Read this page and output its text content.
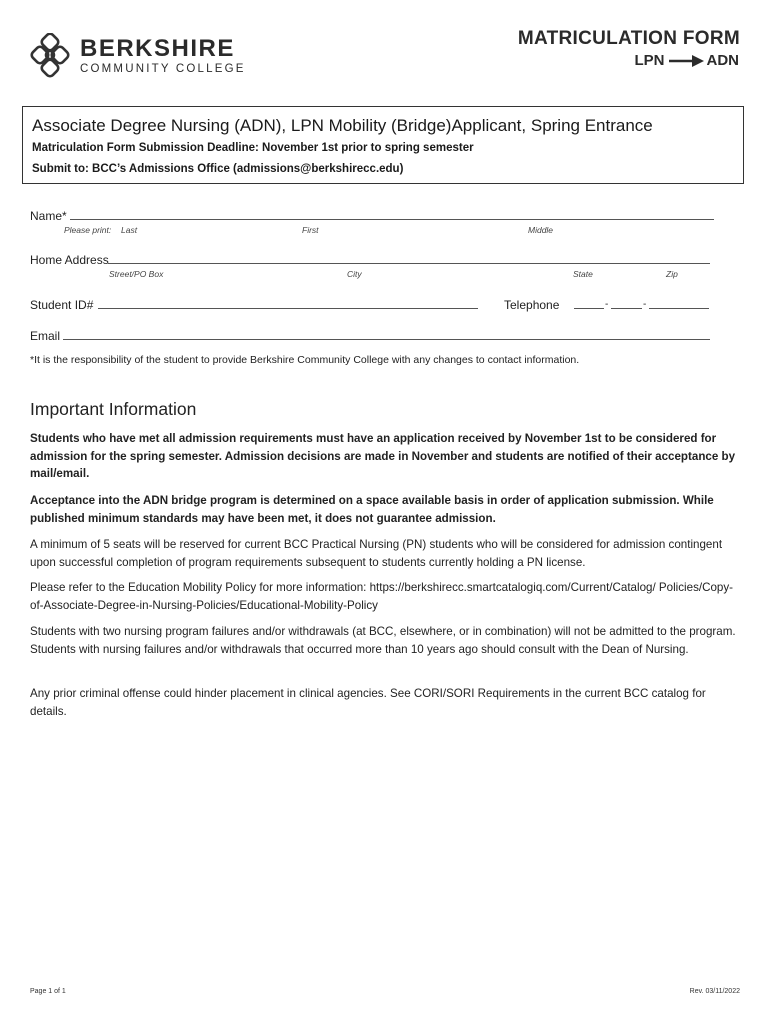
BERKSHIRE
COMMUNITY COLLEGE
MATRICULATION FORM
LPN	ADN
Associate Degree Nursing (ADN), LPN Mobility (Bridge)Applicant, Spring Entrance
Matriculation Form Submission Deadline: November 1st prior to spring semester
Submit to: BCC’s Admissions Office (admissions@berkshirecc.edu)
Name*
Please print: Last	First	Middle
Home Address
Street/PO Box	City	State	Zip
Student ID#	Telephone	-	-
Email
*It is the responsibility of the student to provide Berkshire Community College with any changes to contact information.
Important Information
Students who have met all admission requirements must have an application received by November 1st to be considered for admission for the spring semester. Admission decisions are made in November and students are notified of their acceptance by mail/email.
Acceptance into the ADN bridge program is determined on a space available basis in order of application submission. While published minimum standards may have been met, it does not guarantee admission.
A minimum of 5 seats will be reserved for current BCC Practical Nursing (PN) students who will be considered for admission contingent upon successful completion of program requirements subsequent to students currently holding a PN license.
Please refer to the Education Mobility Policy for more information: https://berkshirecc.smartcatalogiq.com/Current/Catalog/ Policies/Copy-of-Associate-Degree-in-Nursing-Policies/Educational-Mobility-Policy
Students with two nursing program failures and/or withdrawals (at BCC, elsewhere, or in combination) will not be admitted to the program. Students with nursing failures and/or withdrawals that occurred more than 10 years ago should consult with the Dean of Nursing.
Any prior criminal offense could hinder placement in clinical agencies. See CORI/SORI Requirements in the current BCC catalog for details.
Page 1 of 1	Rev. 03/11/2022
